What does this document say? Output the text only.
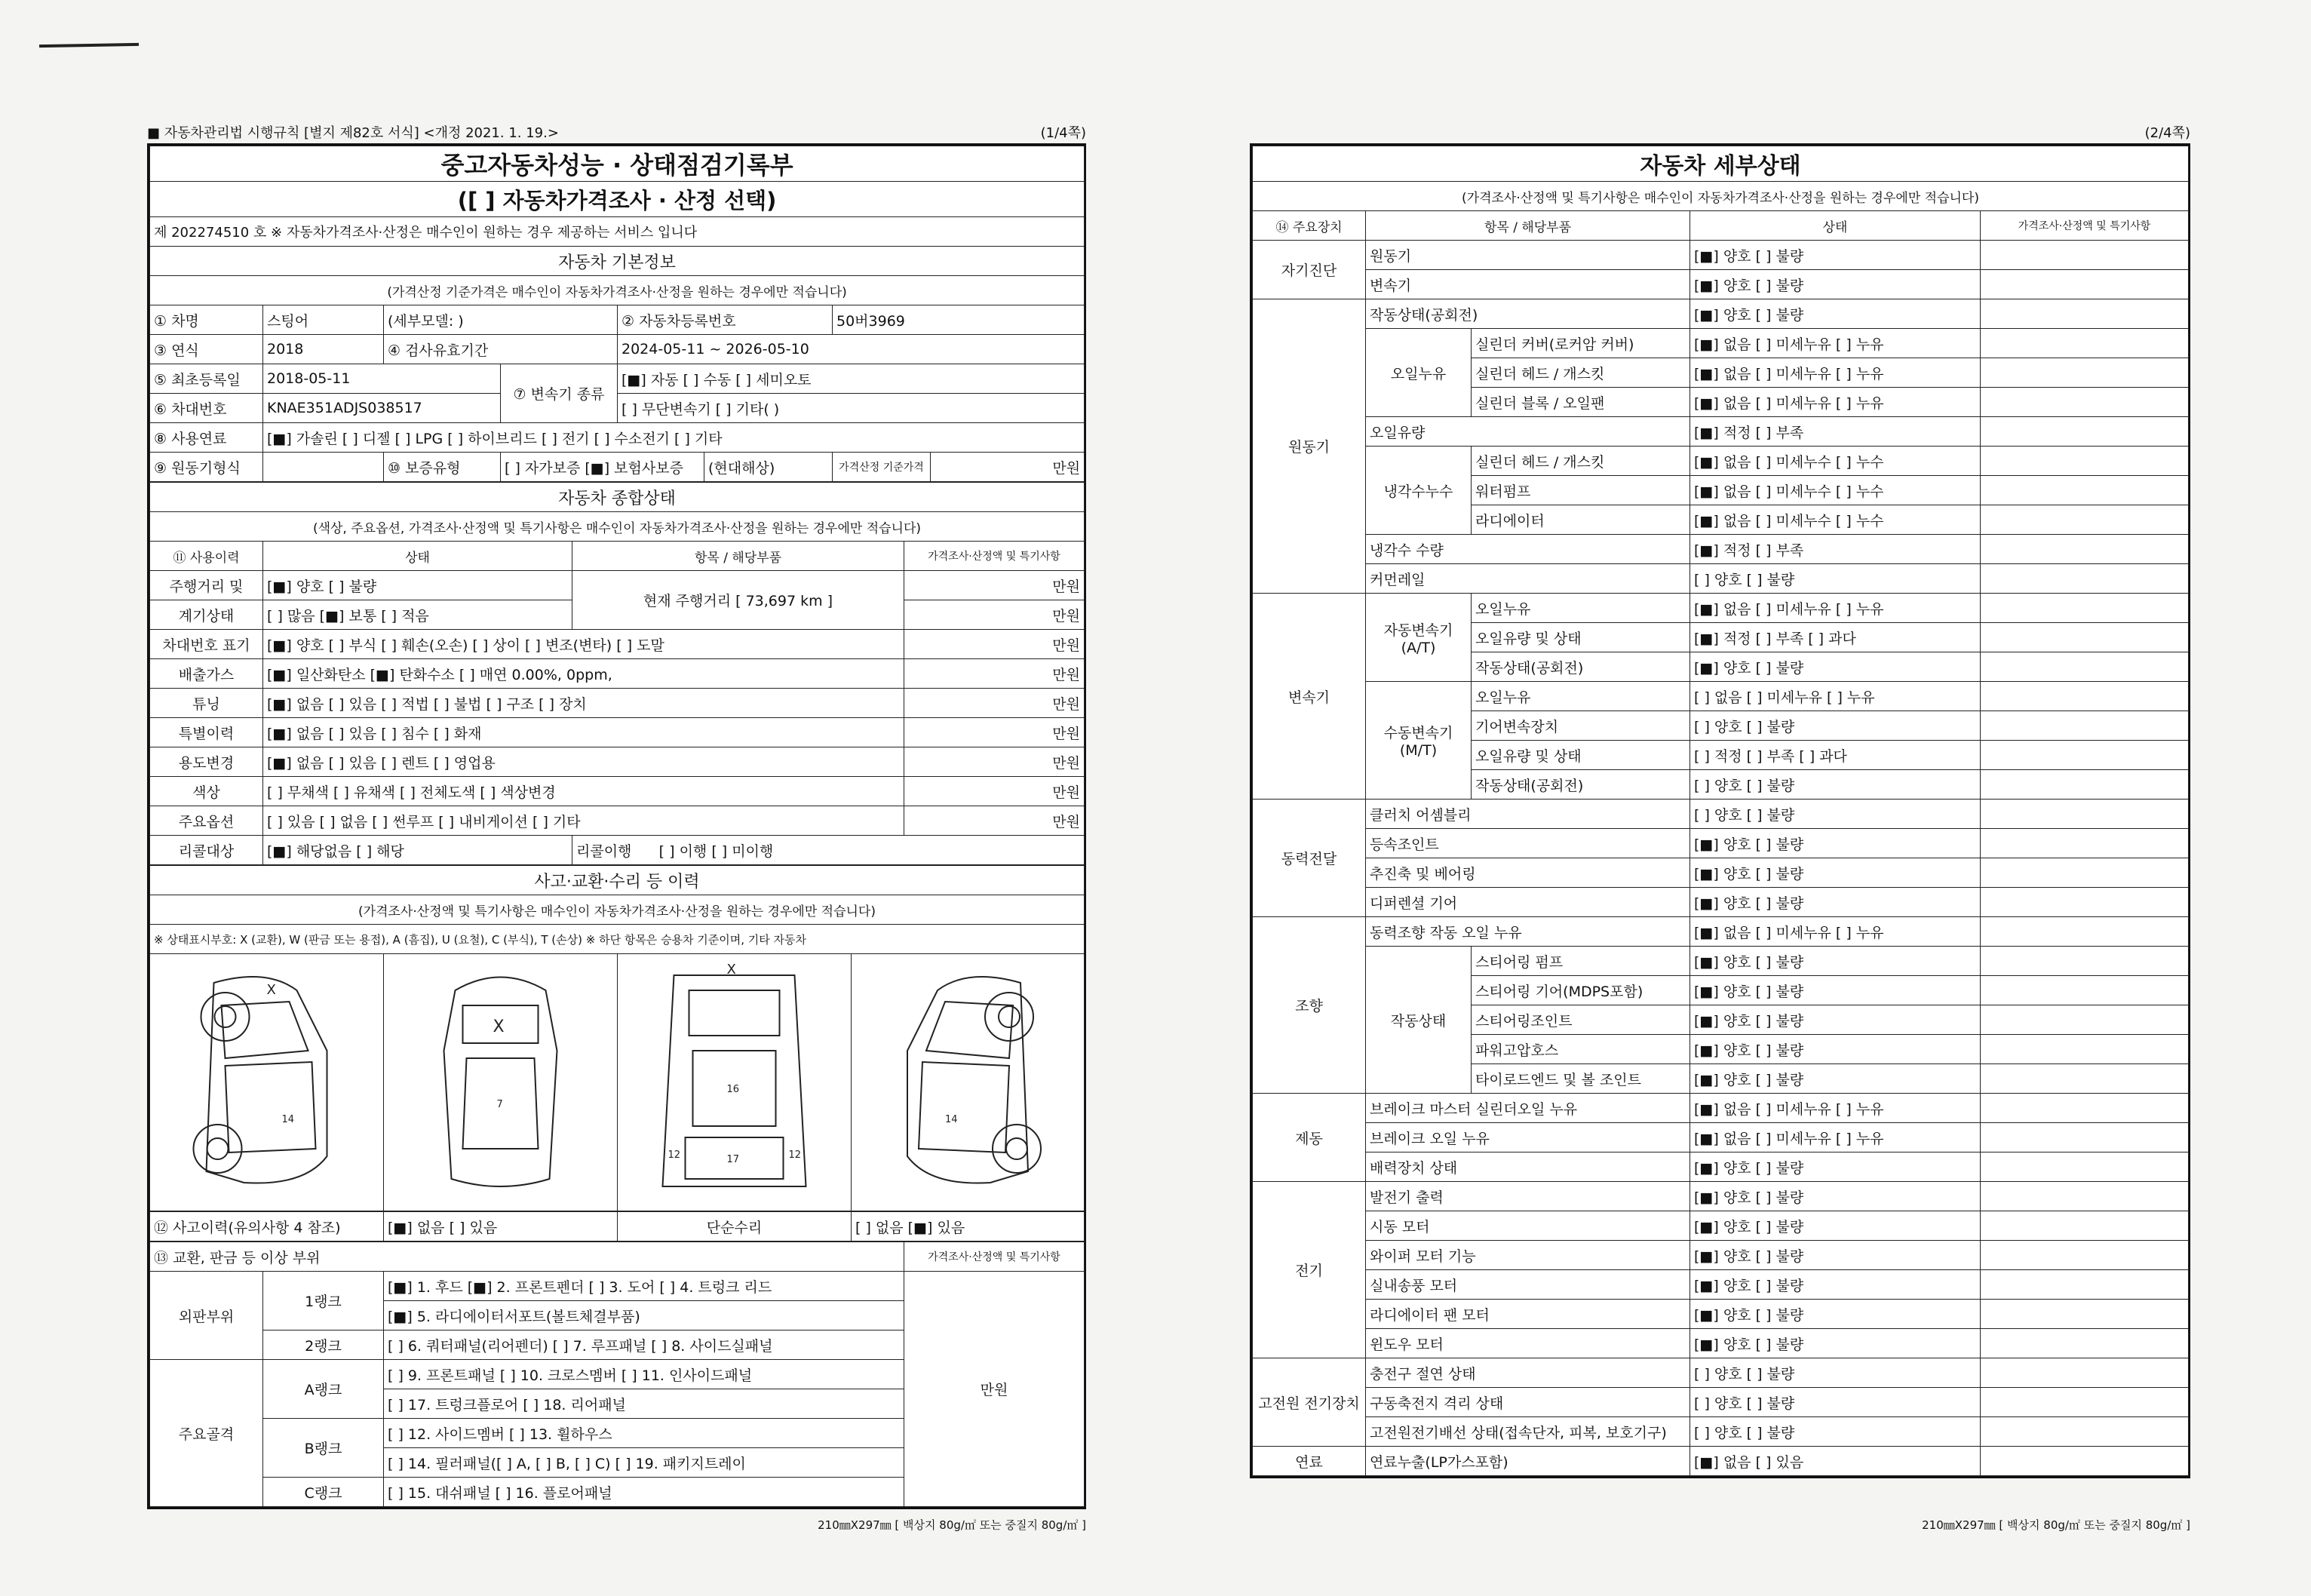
■ 자동차관리법 시행규칙 [별지 제82호 서식] <개정 2021. 1. 19.>	(1/4쪽)
중고자동차성능 · 상태점검기록부							
([ ] 자동차가격조사 · 산정 선택)							
제 202274510 호 ※ 자동차가격조사·산정은 매수인이 원하는 경우 제공하는 서비스 입니다							
자동차 기본정보							
(가격산정 기준가격은 매수인이 자동차가격조사·산정을 원하는 경우에만 적습니다)							
① 차명	스팅어	(세부모델: )		② 자동차등록번호		50버3969	
③ 연식	2018	④ 검사유효기간		2024-05-11 ~ 2026-05-10			
⑤ 최초등록일	2018-05-11		⑦ 변속기 종류	[■] 자동 [ ] 수동 [ ] 세미오토			
⑥ 차대번호	KNAE351ADJS038517			[ ] 무단변속기 [ ] 기타( )			
⑧ 사용연료	[■] 가솔린 [ ] 디젤 [ ] LPG [ ] 하이브리드 [ ] 전기 [ ] 수소전기 [ ] 기타						
⑨ 원동기형식		⑩ 보증유형	[ ] 자가보증 [■] 보험사보증		(현대해상)	가격산정 기준가격	만원
자동차 종합상태			
(색상, 주요옵션, 가격조사·산정액 및 특기사항은 매수인이 자동차가격조사·산정을 원하는 경우에만 적습니다)			
⑪ 사용이력	상태	항목 / 해당부품	가격조사·산정액 및 특기사항
주행거리 및	[■] 양호 [ ] 불량	현재 주행거리 [ 73,697 km ]	만원
계기상태	[ ] 많음 [■] 보통 [ ] 적음		만원
차대번호 표기	[■] 양호 [ ] 부식 [ ] 훼손(오손) [ ] 상이 [ ] 변조(변타) [ ] 도말		만원
배출가스	[■] 일산화탄소 [■] 탄화수소 [ ] 매연 0.00%, 0ppm,		만원
튜닝	[■] 없음 [ ] 있음 [ ] 적법 [ ] 불법 [ ] 구조 [ ] 장치		만원
특별이력	[■] 없음 [ ] 있음 [ ] 침수 [ ] 화재		만원
용도변경	[■] 없음 [ ] 있음 [ ] 렌트 [ ] 영업용		만원
색상	[ ] 무채색 [ ] 유채색 [ ] 전체도색 [ ] 색상변경		만원
주요옵션	[ ] 있음 [ ] 없음 [ ] 썬루프 [ ] 내비게이션 [ ] 기타		만원
리콜대상	[■] 해당없음 [ ] 해당	리콜이행 [ ] 이행 [ ] 미이행	
사고·교환·수리 등 이력
(가격조사·산정액 및 특기사항은 매수인이 자동차가격조사·산정을 원하는 경우에만 적습니다)
※ 상태표시부호: X (교환), W (판금 또는 용접), A (흠집), U (요철), C (부식), T (손상) ※ 하단 항목은 승용차 기준이며, 기타 자동차

X
14

X
7

X
16
17
12	12

14
⑫ 사고이력(유의사항 4 참조)	[■] 없음 [ ] 있음	단순수리	[ ] 없음 [■] 있음
⑬ 교환, 판금 등 이상 부위			가격조사·산정액 및 특기사항
외판부위	1랭크	[■] 1. 후드 [■] 2. 프론트펜더 [ ] 3. 도어 [ ] 4. 트렁크 리드	만원
		[■] 5. 라디에이터서포트(볼트체결부품)	
	2랭크	[ ] 6. 쿼터패널(리어펜더) [ ] 7. 루프패널 [ ] 8. 사이드실패널	
주요골격	A랭크	[ ] 9. 프론트패널 [ ] 10. 크로스멤버 [ ] 11. 인사이드패널	
		[ ] 17. 트렁크플로어 [ ] 18. 리어패널	
	B랭크	[ ] 12. 사이드멤버 [ ] 13. 휠하우스	
		[ ] 14. 필러패널([ ] A, [ ] B, [ ] C) [ ] 19. 패키지트레이	
	C랭크	[ ] 15. 대쉬패널 [ ] 16. 플로어패널	
210㎜X297㎜ [ 백상지 80g/㎡ 또는 중질지 80g/㎡ ]
(2/4쪽)
자동차 세부상태				
(가격조사·산정액 및 특기사항은 매수인이 자동차가격조사·산정을 원하는 경우에만 적습니다)				
⑭ 주요장치	항목 / 해당부품		상태	가격조사·산정액 및 특기사항
자기진단	원동기		[■] 양호 [ ] 불량	
	변속기		[■] 양호 [ ] 불량	
원동기	작동상태(공회전)		[■] 양호 [ ] 불량	
	오일누유	실린더 커버(로커암 커버)	[■] 없음 [ ] 미세누유 [ ] 누유	
		실린더 헤드 / 개스킷	[■] 없음 [ ] 미세누유 [ ] 누유	
		실린더 블록 / 오일팬	[■] 없음 [ ] 미세누유 [ ] 누유	
	오일유량		[■] 적정 [ ] 부족	
	냉각수누수	실린더 헤드 / 개스킷	[■] 없음 [ ] 미세누수 [ ] 누수	
		워터펌프	[■] 없음 [ ] 미세누수 [ ] 누수	
		라디에이터	[■] 없음 [ ] 미세누수 [ ] 누수	
	냉각수 수량		[■] 적정 [ ] 부족	
	커먼레일		[ ] 양호 [ ] 불량	
변속기	자동변속기 (A/T)	오일누유	[■] 없음 [ ] 미세누유 [ ] 누유	
		오일유량 및 상태	[■] 적정 [ ] 부족 [ ] 과다	
		작동상태(공회전)	[■] 양호 [ ] 불량	
	수동변속기 (M/T)	오일누유	[ ] 없음 [ ] 미세누유 [ ] 누유	
		기어변속장치	[ ] 양호 [ ] 불량	
		오일유량 및 상태	[ ] 적정 [ ] 부족 [ ] 과다	
		작동상태(공회전)	[ ] 양호 [ ] 불량	
동력전달	클러치 어셈블리		[ ] 양호 [ ] 불량	
	등속조인트		[■] 양호 [ ] 불량	
	추진축 및 베어링		[■] 양호 [ ] 불량	
	디퍼렌셜 기어		[■] 양호 [ ] 불량	
조향	동력조향 작동 오일 누유		[■] 없음 [ ] 미세누유 [ ] 누유	
	작동상태	스티어링 펌프	[■] 양호 [ ] 불량	
		스티어링 기어(MDPS포함)	[■] 양호 [ ] 불량	
		스티어링조인트	[■] 양호 [ ] 불량	
		파워고압호스	[■] 양호 [ ] 불량	
		타이로드엔드 및 볼 조인트	[■] 양호 [ ] 불량	
제동	브레이크 마스터 실린더오일 누유		[■] 없음 [ ] 미세누유 [ ] 누유	
	브레이크 오일 누유		[■] 없음 [ ] 미세누유 [ ] 누유	
	배력장치 상태		[■] 양호 [ ] 불량	
전기	발전기 출력		[■] 양호 [ ] 불량	
	시동 모터		[■] 양호 [ ] 불량	
	와이퍼 모터 기능		[■] 양호 [ ] 불량	
	실내송풍 모터		[■] 양호 [ ] 불량	
	라디에이터 팬 모터		[■] 양호 [ ] 불량	
	윈도우 모터		[■] 양호 [ ] 불량	
고전원 전기장치	충전구 절연 상태		[ ] 양호 [ ] 불량	
	구동축전지 격리 상태		[ ] 양호 [ ] 불량	
	고전원전기배선 상태(접속단자, 피복, 보호기구)		[ ] 양호 [ ] 불량	
연료	연료누출(LP가스포함)		[■] 없음 [ ] 있음	
210㎜X297㎜ [ 백상지 80g/㎡ 또는 중질지 80g/㎡ ]
